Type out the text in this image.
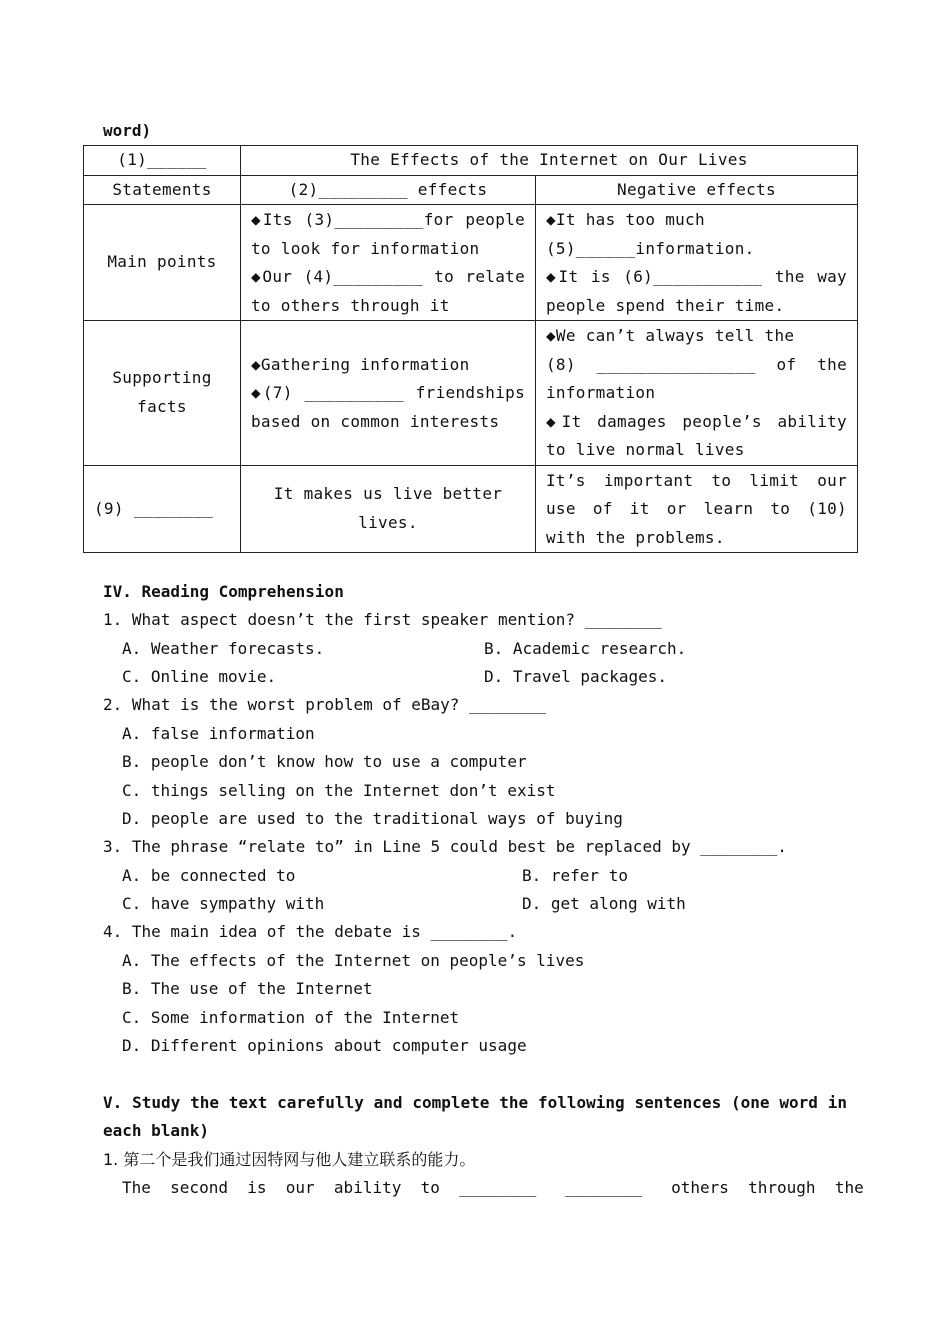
word)
(1)______	The Effects of the Internet on Our Lives	
Statements	(2)_________ effects	Negative effects
Main points	◆Its (3)_________for people
to look for information
◆Our (4)_________ to relate
to others through it	◆It has too much
(5)______information.
◆It is (6)___________ the way
people spend their time.

Supporting
facts	◆Gathering information
◆(7) __________ friendships
based on common interests	◆We can’t always tell the
(8) ________________ of the
information
◆It damages people’s ability
to live normal lives

(9) ________	It makes us live better
lives.	It’s important to limit our
use of it or learn to (10)
with the problems.
IV. Reading Comprehension
1. What aspect doesn’t the first speaker mention? ________
A. Weather forecasts.	B. Academic research.
C. Online movie.	D. Travel packages.
2. What is the worst problem of eBay? ________
A. false information
B. people don’t know how to use a computer
C. things selling on the Internet don’t exist
D. people are used to the traditional ways of buying
3. The phrase “relate to” in Line 5 could best be replaced by ________.
A. be connected to	B. refer to
C. have sympathy with	D. get along with
4. The main idea of the debate is ________.
A. The effects of the Internet on people’s lives
B. The use of the Internet
C. Some information of the Internet
D. Different opinions about computer usage
V. Study the text carefully and complete the following sentences (one word in
each blank)
1. 第二个是我们通过因特网与他人建立联系的能力。
The  second  is  our  ability  to  ________   ________   others  through  the
